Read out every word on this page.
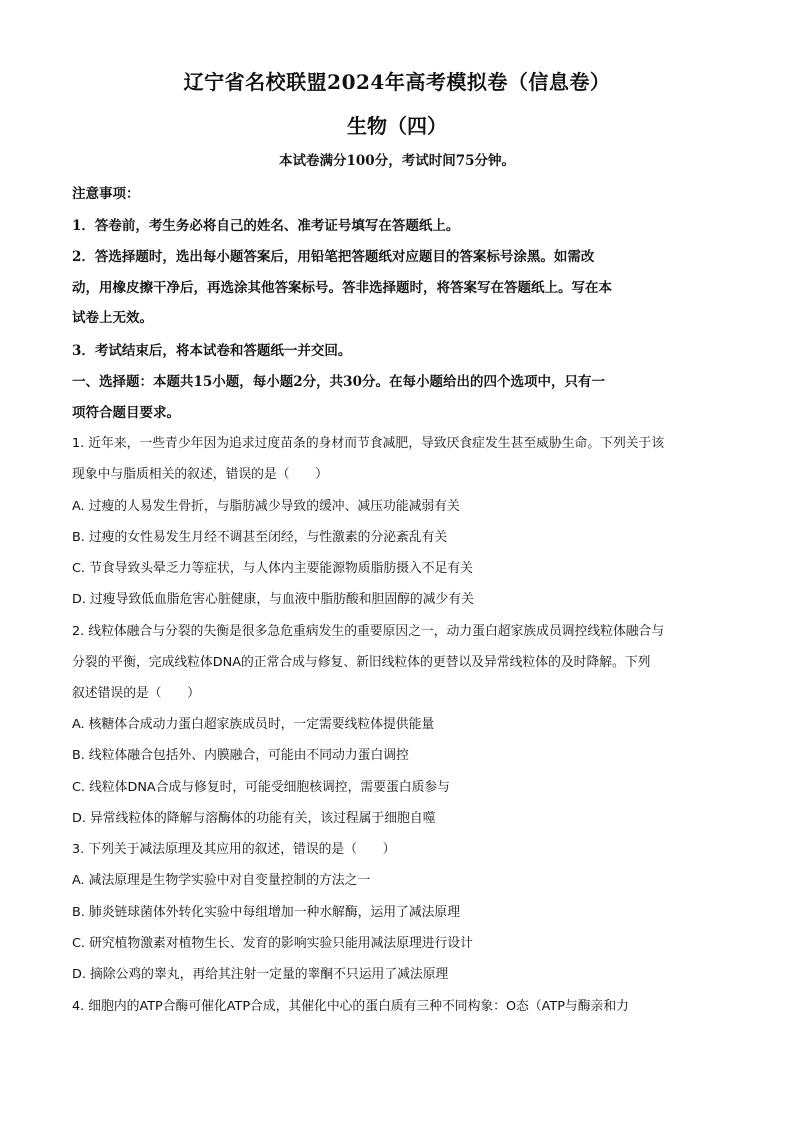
辽宁省名校联盟2024年高考模拟卷（信息卷）
生物（四）
本试卷满分100分，考试时间75分钟。
注意事项：
1．答卷前，考生务必将自己的姓名、准考证号填写在答题纸上。
2．答选择题时，选出每小题答案后，用铅笔把答题纸对应题目的答案标号涂黑。如需改
动，用橡皮擦干净后，再选涂其他答案标号。答非选择题时，将答案写在答题纸上。写在本
试卷上无效。
3．考试结束后，将本试卷和答题纸一并交回。
一、选择题：本题共15小题，每小题2分，共30分。在每小题给出的四个选项中，只有一
项符合题目要求。
1. 近年来，一些青少年因为追求过度苗条的身材而节食减肥，导致厌食症发生甚至威胁生命。下列关于该
现象中与脂质相关的叙述，错误的是（　　）
A. 过瘦的人易发生骨折，与脂肪减少导致的缓冲、减压功能减弱有关
B. 过瘦的女性易发生月经不调甚至闭经，与性激素的分泌紊乱有关
C. 节食导致头晕乏力等症状，与人体内主要能源物质脂肪摄入不足有关
D. 过瘦导致低血脂危害心脏健康，与血液中脂肪酸和胆固醇的减少有关
2. 线粒体融合与分裂的失衡是很多急危重病发生的重要原因之一，动力蛋白超家族成员调控线粒体融合与
分裂的平衡，完成线粒体DNA的正常合成与修复、新旧线粒体的更替以及异常线粒体的及时降解。下列
叙述错误的是（　　）
A. 核糖体合成动力蛋白超家族成员时，一定需要线粒体提供能量
B. 线粒体融合包括外、内膜融合，可能由不同动力蛋白调控
C. 线粒体DNA合成与修复时，可能受细胞核调控，需要蛋白质参与
D. 异常线粒体的降解与溶酶体的功能有关，该过程属于细胞自噬
3. 下列关于减法原理及其应用的叙述，错误的是（　　）
A. 减法原理是生物学实验中对自变量控制的方法之一
B. 肺炎链球菌体外转化实验中每组增加一种水解酶，运用了减法原理
C. 研究植物激素对植物生长、发育的影响实验只能用减法原理进行设计
D. 摘除公鸡的睾丸，再给其注射一定量的睾酮不只运用了减法原理
4. 细胞内的ATP合酶可催化ATP合成，其催化中心的蛋白质有三种不同构象：O态（ATP与酶亲和力
